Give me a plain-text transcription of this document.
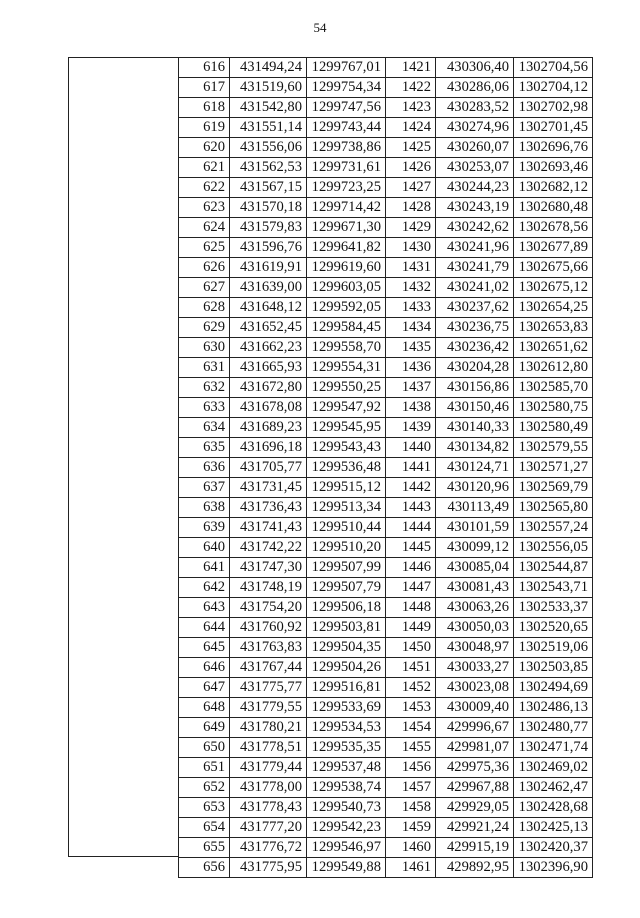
54
616	431494,24	1299767,01	1421	430306,40	1302704,56
617	431519,60	1299754,34	1422	430286,06	1302704,12
618	431542,80	1299747,56	1423	430283,52	1302702,98
619	431551,14	1299743,44	1424	430274,96	1302701,45
620	431556,06	1299738,86	1425	430260,07	1302696,76
621	431562,53	1299731,61	1426	430253,07	1302693,46
622	431567,15	1299723,25	1427	430244,23	1302682,12
623	431570,18	1299714,42	1428	430243,19	1302680,48
624	431579,83	1299671,30	1429	430242,62	1302678,56
625	431596,76	1299641,82	1430	430241,96	1302677,89
626	431619,91	1299619,60	1431	430241,79	1302675,66
627	431639,00	1299603,05	1432	430241,02	1302675,12
628	431648,12	1299592,05	1433	430237,62	1302654,25
629	431652,45	1299584,45	1434	430236,75	1302653,83
630	431662,23	1299558,70	1435	430236,42	1302651,62
631	431665,93	1299554,31	1436	430204,28	1302612,80
632	431672,80	1299550,25	1437	430156,86	1302585,70
633	431678,08	1299547,92	1438	430150,46	1302580,75
634	431689,23	1299545,95	1439	430140,33	1302580,49
635	431696,18	1299543,43	1440	430134,82	1302579,55
636	431705,77	1299536,48	1441	430124,71	1302571,27
637	431731,45	1299515,12	1442	430120,96	1302569,79
638	431736,43	1299513,34	1443	430113,49	1302565,80
639	431741,43	1299510,44	1444	430101,59	1302557,24
640	431742,22	1299510,20	1445	430099,12	1302556,05
641	431747,30	1299507,99	1446	430085,04	1302544,87
642	431748,19	1299507,79	1447	430081,43	1302543,71
643	431754,20	1299506,18	1448	430063,26	1302533,37
644	431760,92	1299503,81	1449	430050,03	1302520,65
645	431763,83	1299504,35	1450	430048,97	1302519,06
646	431767,44	1299504,26	1451	430033,27	1302503,85
647	431775,77	1299516,81	1452	430023,08	1302494,69
648	431779,55	1299533,69	1453	430009,40	1302486,13
649	431780,21	1299534,53	1454	429996,67	1302480,77
650	431778,51	1299535,35	1455	429981,07	1302471,74
651	431779,44	1299537,48	1456	429975,36	1302469,02
652	431778,00	1299538,74	1457	429967,88	1302462,47
653	431778,43	1299540,73	1458	429929,05	1302428,68
654	431777,20	1299542,23	1459	429921,24	1302425,13
655	431776,72	1299546,97	1460	429915,19	1302420,37
656	431775,95	1299549,88	1461	429892,95	1302396,90
